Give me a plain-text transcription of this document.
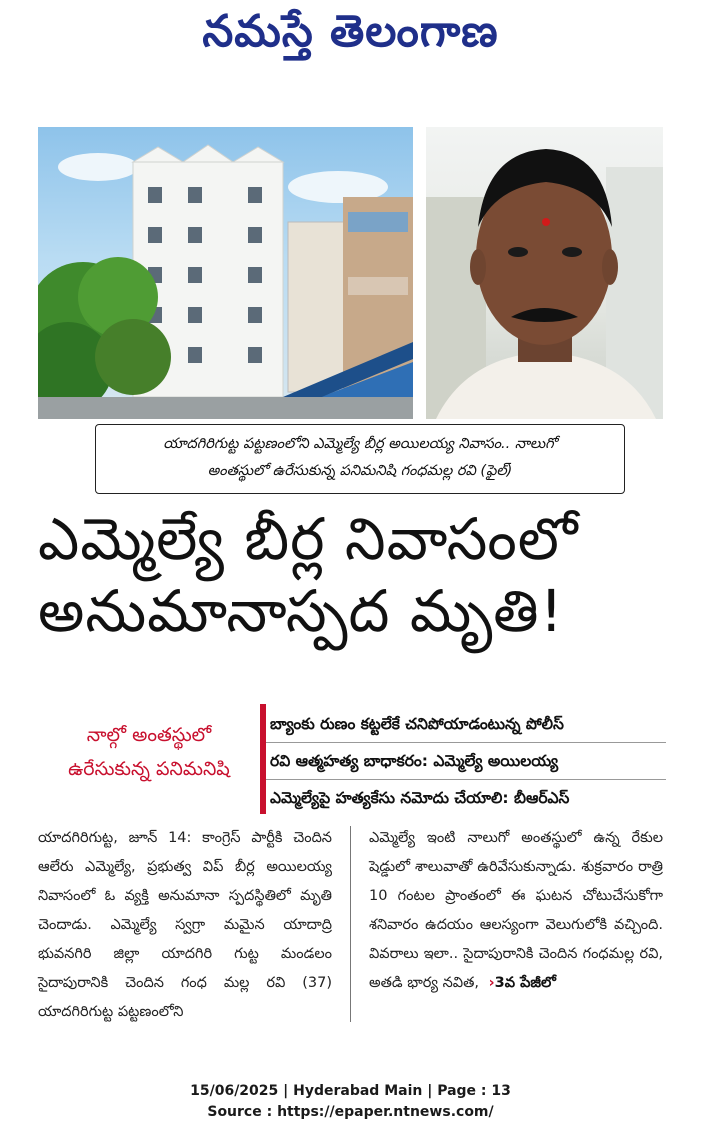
నమస్తే తెలంగాణ
యాదగిరిగుట్ట పట్టణంలోని ఎమ్మెల్యే బీర్ల అయిలయ్య నివాసం.. నాలుగో
అంతస్థులో ఉరేసుకున్న పనిమనిషి గంధమల్ల రవి (ఫైల్)
ఎమ్మెల్యే బీర్ల నివాసంలో
అనుమానాస్పద మృతి!
నాల్గో అంతస్థులో
ఉరేసుకున్న పనిమనిషి
బ్యాంకు రుణం కట్టలేకే చనిపోయాడంటున్న పోలీస్
రవి ఆత్మహత్య బాధాకరం: ఎమ్మెల్యే అయిలయ్య
ఎమ్మెల్యేపై హత్యకేసు నమోదు చేయాలి: బీఆర్ఎస్
యాదగిరిగుట్ట, జూన్ 14: కాంగ్రెస్ పార్టీకి చెందిన ఆలేరు ఎమ్మెల్యే, ప్రభుత్వ విప్ బీర్ల అయిలయ్య నివాసంలో ఓ వ్యక్తి అనుమానా స్పదస్థితిలో మృతి చెందాడు. ఎమ్మెల్యే స్వగ్రా మమైన యాదాద్రి భువనగిరి జిల్లా యాదగిరి గుట్ట మండలం సైదాపురానికి చెందిన గంధ మల్ల రవి (37) యాదగిరిగుట్ట పట్టణంలోని
ఎమ్మెల్యే ఇంటి నాలుగో అంతస్థులో ఉన్న రేకుల షెడ్డులో శాలువాతో ఉరివేసుకున్నాడు. శుక్రవారం రాత్రి 10 గంటల ప్రాంతంలో ఈ ఘటన చోటుచేసుకోగా శనివారం ఉదయం ఆలస్యంగా వెలుగులోకి వచ్చింది. వివరాలు ఇలా.. సైదాపురానికి చెందిన గంధమల్ల రవి, అతడి భార్య నవిత,  ›3వ పేజీలో
15/06/2025 | Hyderabad Main | Page : 13
Source : https://epaper.ntnews.com/
